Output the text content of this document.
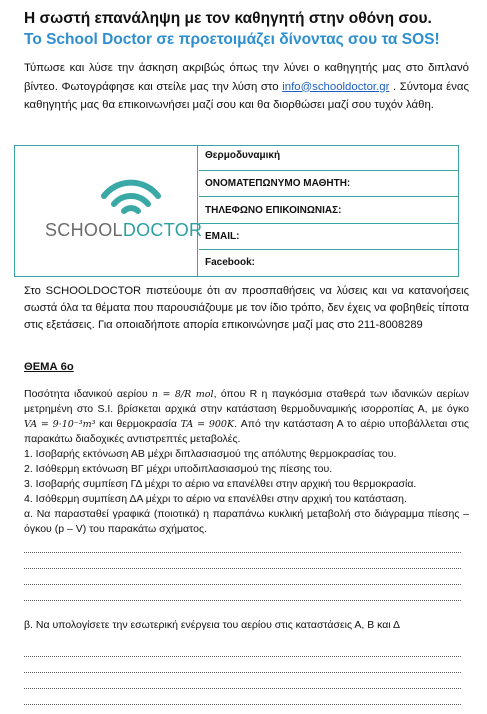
Η σωστή επανάληψη με τον καθηγητή στην οθόνη σου.
Το School Doctor σε προετοιμάζει δίνοντας σου τα SOS!
Τύπωσε και λύσε την άσκηση ακριβώς όπως την λύνει ο καθηγητής μας στο διπλανό βίντεο. Φωτογράφησε και στείλε μας την λύση στο info@schooldoctor.gr . Σύντομα ένας καθηγητής μας θα επικοινωνήσει μαζί σου και θα διορθώσει μαζί σου τυχόν λάθη.
SCHOOLDOCTOR
Θερμοδυναμική
ΟΝΟΜΑΤΕΠΩΝΥΜΟ ΜΑΘΗΤΗ:
ΤΗΛΕΦΩΝΟ ΕΠΙΚΟΙΝΩΝΙΑΣ:
EMAIL:
Facebook:
Στο SCHOOLDOCTOR πιστεύουμε ότι αν προσπαθήσεις να λύσεις και να κατανοήσεις σωστά όλα τα θέματα που παρουσιάζουμε με τον ίδιο τρόπο, δεν έχεις να φοβηθείς τίποτα στις εξετάσεις. Για οποιαδήποτε απορία επικοινώνησε μαζί μας στο 211-8008289
ΘΕΜΑ 6ο

Ποσότητα ιδανικού αερίου n = 8/R mol, όπου R η παγκόσμια σταθερά των ιδανικών αερίων μετρημένη στο S.I. βρίσκεται αρχικά στην κατάσταση θερμοδυναμικής ισορροπίας Α, με όγκο VA = 9·10⁻³m³ και θερμοκρασία TA = 900K. Από την κατάσταση Α το αέριο υποβάλλεται στις παρακάτω διαδοχικές αντιστρεπτές μεταβολές.

1. Ισοβαρής εκτόνωση ΑΒ μέχρι διπλασιασμού της απόλυτης θερμοκρασίας του.

2. Ισόθερμη εκτόνωση ΒΓ μέχρι υποδιπλασιασμού της πίεσης του.

3. Ισοβαρής συμπίεση ΓΔ μέχρι το αέριο να επανέλθει στην αρχική του θερμοκρασία.

4. Ισόθερμη συμπίεση ΔΑ μέχρι το αέριο να επανέλθει στην αρχική του κατάσταση.

α. Να παρασταθεί γραφικά (ποιοτικά) η παραπάνω κυκλική μεταβολή στο διάγραμμα πίεσης – όγκου (p – V) του παρακάτω σχήματος.

β. Να υπολογίσετε την εσωτερική ενέργεια του αερίου στις καταστάσεις Α, Β και Δ
